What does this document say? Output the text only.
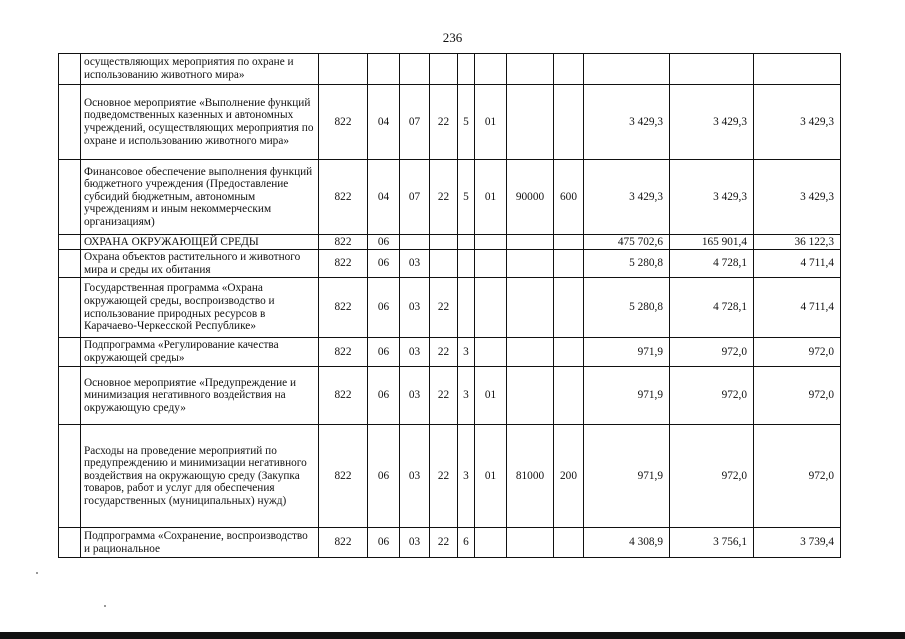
236
	осуществляющих мероприятия по охране и использованию животного мира»											
	Основное мероприятие «Выполнение функций подведомственных казенных и автономных учреждений, осуществляющих мероприятия по охране и использованию животного мира»	822	04	07	22	5	01			3 429,3	3 429,3	3 429,3
	Финансовое обеспечение выполнения функций бюджетного учреждения (Предоставление субсидий бюджетным, автономным учреждениям и иным некоммерческим организациям)	822	04	07	22	5	01	90000	600	3 429,3	3 429,3	3 429,3
	ОХРАНА ОКРУЖАЮЩЕЙ СРЕДЫ	822	06							475 702,6	165 901,4	36 122,3
	Охрана объектов растительного и животного мира и среды их обитания	822	06	03						5 280,8	4 728,1	4 711,4
	Государственная программа «Охрана окружающей среды, воспроизводство и использование природных ресурсов в Карачаево-Черкесской Республике»	822	06	03	22					5 280,8	4 728,1	4 711,4
	Подпрограмма «Регулирование качества окружающей среды»	822	06	03	22	3				971,9	972,0	972,0
	Основное мероприятие «Предупреждение и минимизация негативного воздействия на окружающую среду»	822	06	03	22	3	01			971,9	972,0	972,0
	Расходы на проведение мероприятий по предупреждению и минимизации негативного воздействия на окружающую среду (Закупка товаров, работ и услуг для обеспечения государственных (муниципальных) нужд)	822	06	03	22	3	01	81000	200	971,9	972,0	972,0
	Подпрограмма «Сохранение, воспроизводство и рациональное	822	06	03	22	6				4 308,9	3 756,1	3 739,4
